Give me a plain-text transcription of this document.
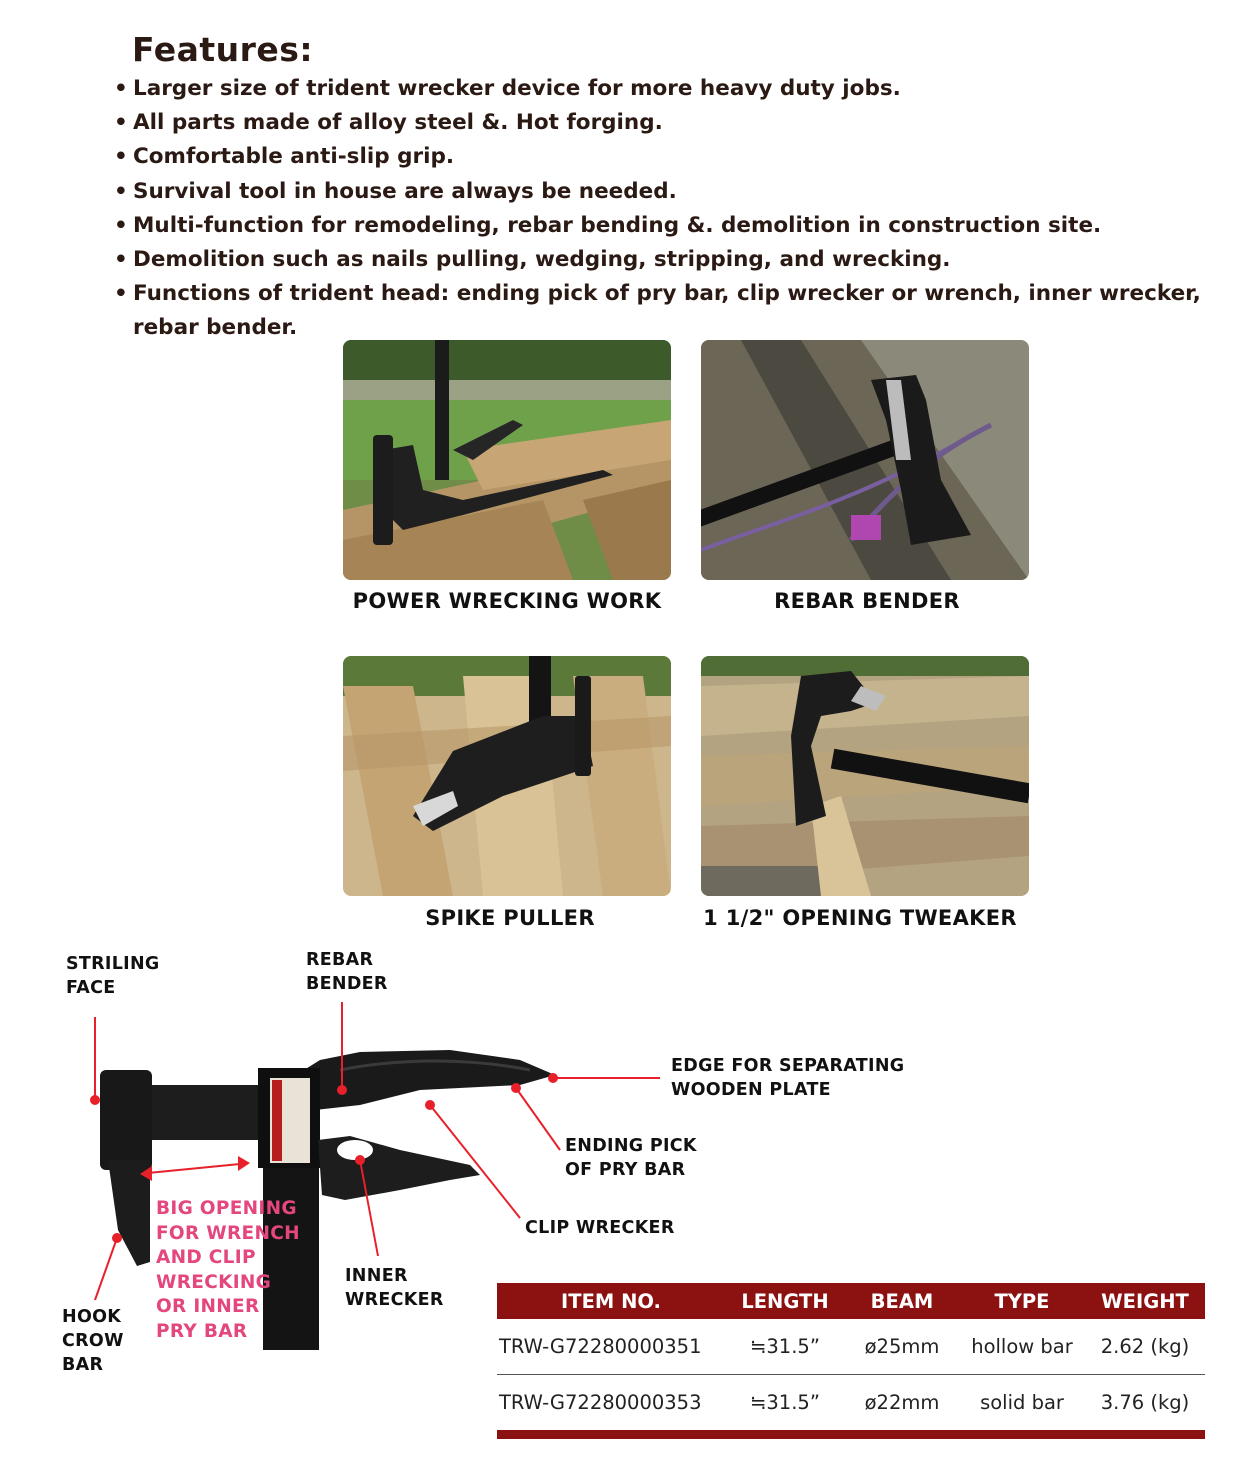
Features:
• Larger size of trident wrecker device for more heavy duty jobs.
• All parts made of alloy steel &. Hot forging.
• Comfortable anti-slip grip.
• Survival tool in house are always be needed.
• Multi-function for remodeling, rebar bending &. demolition in construction site.
• Demolition such as nails pulling, wedging, stripping, and wrecking.
• Functions of trident head: ending pick of pry bar, clip wrecker or wrench, inner wrecker, rebar bender.
POWER WRECKING WORK	REBAR BENDER
SPIKE PULLER	1 1/2" OPENING TWEAKER
STRILING
FACE
REBAR
BENDER
EDGE FOR SEPARATING
WOODEN PLATE
ENDING PICK
OF PRY BAR
CLIP WRECKER
INNER
WRECKER
BIG OPENING
FOR WRENCH
AND CLIP
WRECKING
OR INNER
PRY BAR
HOOK
CROW
BAR
ITEM NO.	LENGTH	BEAM	TYPE	WEIGHT
TRW-G72280000351	≒31.5”	ø25mm	hollow bar	2.62 (kg)
TRW-G72280000353	≒31.5”	ø22mm	solid bar	3.76 (kg)
